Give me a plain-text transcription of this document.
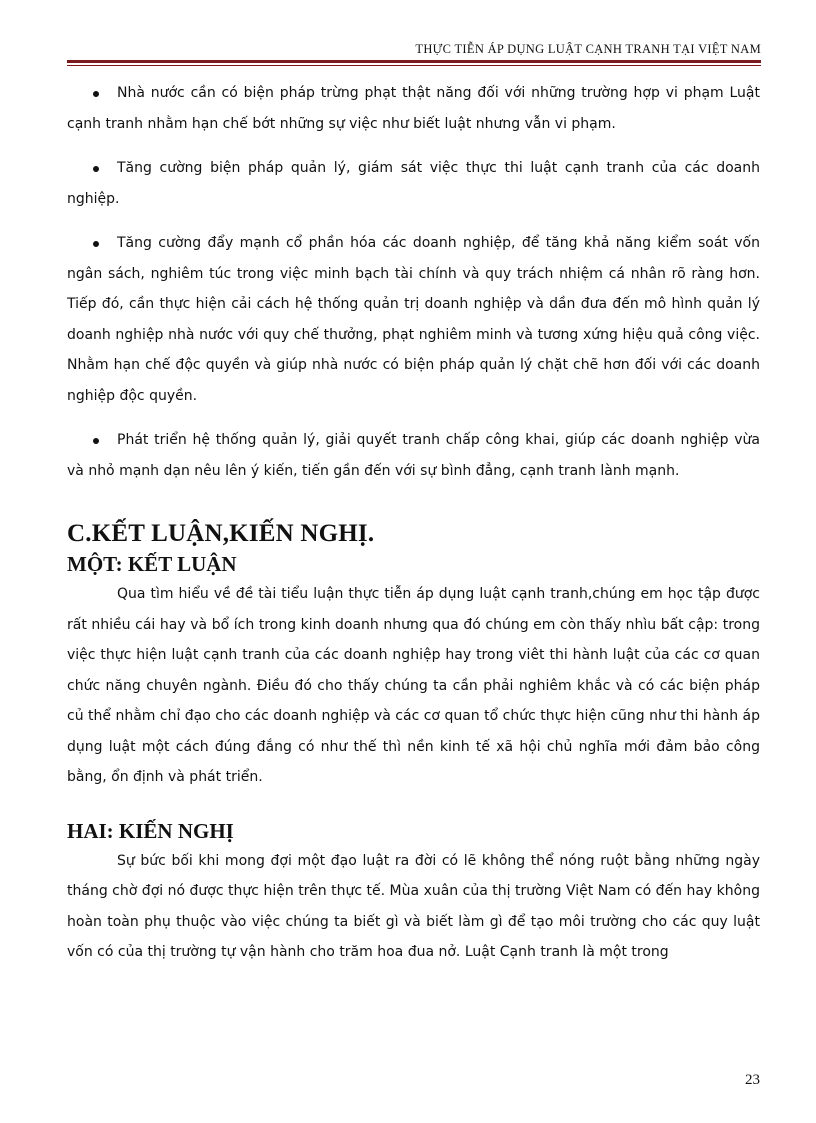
THỰC TIỄN ÁP DỤNG LUẬT CẠNH TRANH TẠI VIỆT NAM
Nhà nước cần có biện pháp trừng phạt thật năng đối với những trường hợp vi phạm Luật cạnh tranh nhằm hạn chế bớt những sự việc như biết luật nhưng vẫn vi phạm.
Tăng cường biện pháp quản lý, giám sát việc thực thi luật cạnh tranh của các doanh nghiệp.
Tăng cường đẩy mạnh cổ phần hóa các doanh nghiệp, để tăng khả năng kiểm soát vốn ngân sách, nghiêm túc trong việc minh bạch tài chính và quy trách nhiệm cá nhân rõ ràng hơn. Tiếp đó, cần thực hiện cải cách hệ thống quản trị doanh nghiệp và dần đưa đến mô hình quản lý doanh nghiệp nhà nước với quy chế thưởng, phạt nghiêm minh và tương xứng hiệu quả công việc. Nhằm hạn chế độc quyền và giúp nhà nước có biện pháp quản lý chặt chẽ hơn đối với các doanh nghiệp độc quyền.
Phát triển hệ thống quản lý, giải quyết tranh chấp công khai, giúp các doanh nghiệp vừa và nhỏ mạnh dạn nêu lên ý kiến, tiến gần đến với sự bình đẳng, cạnh tranh lành mạnh.
C.KẾT LUẬN,KIẾN NGHỊ.
MỘT: KẾT LUẬN

Qua tìm hiểu về đề tài tiểu luận thực tiễn áp dụng luật cạnh tranh,chúng em học tập được rất nhiều cái hay và bổ ích trong kinh doanh nhưng qua đó chúng em còn thấy nhìu bất cập: trong việc thực hiện luật cạnh tranh của các doanh nghiệp hay trong viêt thi hành luật của các cơ quan chức năng chuyên ngành. Điều đó cho thấy chúng ta cần phải nghiêm khắc và có các biện pháp củ thể nhằm chỉ đạo cho các doanh nghiệp và các cơ quan tổ chức thực hiện cũng như thi hành áp dụng luật một cách đúng đắng có như thế thì nền kinh tế xã hội chủ nghĩa mới đảm bảo công bằng, ổn định và phát triển.

HAI: KIẾN NGHỊ

Sự bức bối khi mong đợi một đạo luật ra đời có lẽ không thể nóng ruột bằng những ngày tháng chờ đợi nó được thực hiện trên thực tế. Mùa xuân của thị trường Việt Nam có đến hay không hoàn toàn phụ thuộc vào việc chúng ta biết gì và biết làm gì để tạo môi trường cho các quy luật vốn có của thị trường tự vận hành cho trăm hoa đua nở. Luật Cạnh tranh là một trong

23
